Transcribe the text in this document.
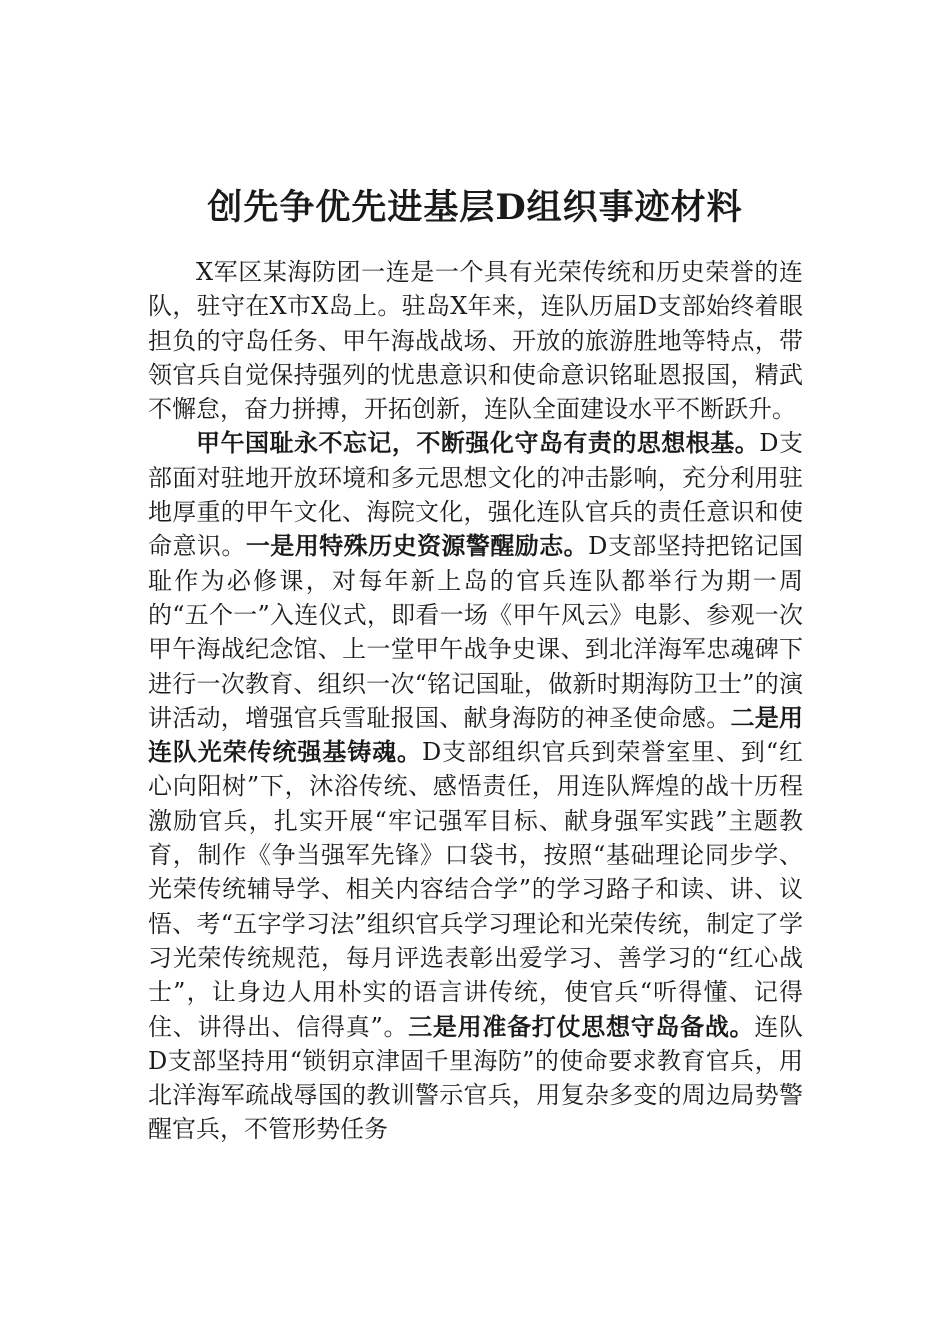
创先争优先进基层D组织事迹材料

X军区某海防团一连是一个具有光荣传统和历史荣誉的连队，驻守在X市X岛上。驻岛X年来，连队历届D支部始终着眼担负的守岛任务、甲午海战战场、开放的旅游胜地等特点，带领官兵自觉保持强列的忧患意识和使命意识铭耻恩报国，精武不懈怠，奋力拼搏，开拓创新，连队全面建设水平不断跃升。

甲午国耻永不忘记，不断强化守岛有责的思想根基。D支部面对驻地开放环境和多元思想文化的冲击影响，充分利用驻地厚重的甲午文化、海院文化，强化连队官兵的责任意识和使命意识。一是用特殊历史资源警醒励志。D支部坚持把铭记国耻作为必修课，对每年新上岛的官兵连队都举行为期一周的“五个一”入连仪式，即看一场《甲午风云》电影、参观一次甲午海战纪念馆、上一堂甲午战争史课、到北洋海军忠魂碑下进行一次教育、组织一次“铭记国耻，做新时期海防卫士”的演讲活动，增强官兵雪耻报国、献身海防的神圣使命感。二是用连队光荣传统强基铸魂。D支部组织官兵到荣誉室里、到“红心向阳树”下，沐浴传统、感悟责任，用连队辉煌的战十历程激励官兵，扎实开展“牢记强军目标、献身强军实践”主题教育，制作《争当强军先锋》口袋书，按照“基础理论同步学、光荣传统辅导学、相关内容结合学”的学习路子和读、讲、议悟、考“五字学习法”组织官兵学习理论和光荣传统，制定了学习光荣传统规范，每月评选表彰出爱学习、善学习的“红心战士”，让身边人用朴实的语言讲传统，使官兵“听得懂、记得住、讲得出、信得真”。三是用准备打仗思想守岛备战。连队D支部坚持用“锁钥京津固千里海防”的使命要求教育官兵，用北洋海军疏战辱国的教训警示官兵，用复杂多变的周边局势警醒官兵，不管形势任务
